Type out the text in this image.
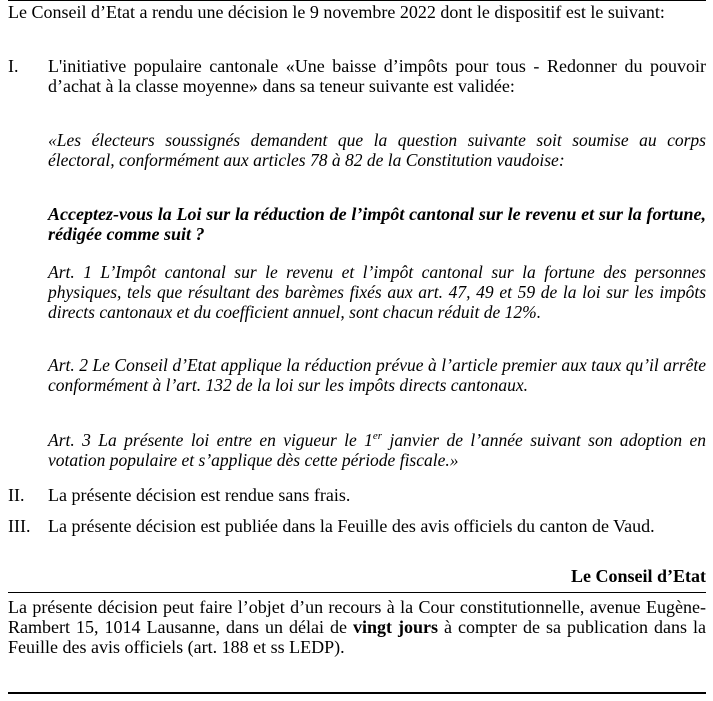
Le Conseil d’Etat a rendu une décision le 9 novembre 2022 dont le dispositif est le suivant:
I. L'initiative populaire cantonale «Une baisse d’impôts pour tous - Redonner du pouvoir d’achat à la classe moyenne» dans sa teneur suivante est validée:
«Les électeurs soussignés demandent que la question suivante soit soumise au corps électoral, conformément aux articles 78 à 82 de la Constitution vaudoise:
Acceptez-vous la Loi sur la réduction de l’impôt cantonal sur le revenu et sur la fortune, rédigée comme suit ?
Art. 1 L’Impôt cantonal sur le revenu et l’impôt cantonal sur la fortune des personnes physiques, tels que résultant des barèmes fixés aux art. 47, 49 et 59 de la loi sur les impôts directs cantonaux et du coefficient annuel, sont chacun réduit de 12%.
Art. 2 Le Conseil d’Etat applique la réduction prévue à l’article premier aux taux qu’il arrête conformément à l’art. 132 de la loi sur les impôts directs cantonaux.
Art. 3 La présente loi entre en vigueur le 1er janvier de l’année suivant son adoption en votation populaire et s’applique dès cette période fiscale.»
II. La présente décision est rendue sans frais.
III. La présente décision est publiée dans la Feuille des avis officiels du canton de Vaud.
Le Conseil d’Etat
La présente décision peut faire l’objet d’un recours à la Cour constitutionnelle, avenue Eugène-Rambert 15, 1014 Lausanne, dans un délai de vingt jours à compter de sa publication dans la Feuille des avis officiels (art. 188 et ss LEDP).
